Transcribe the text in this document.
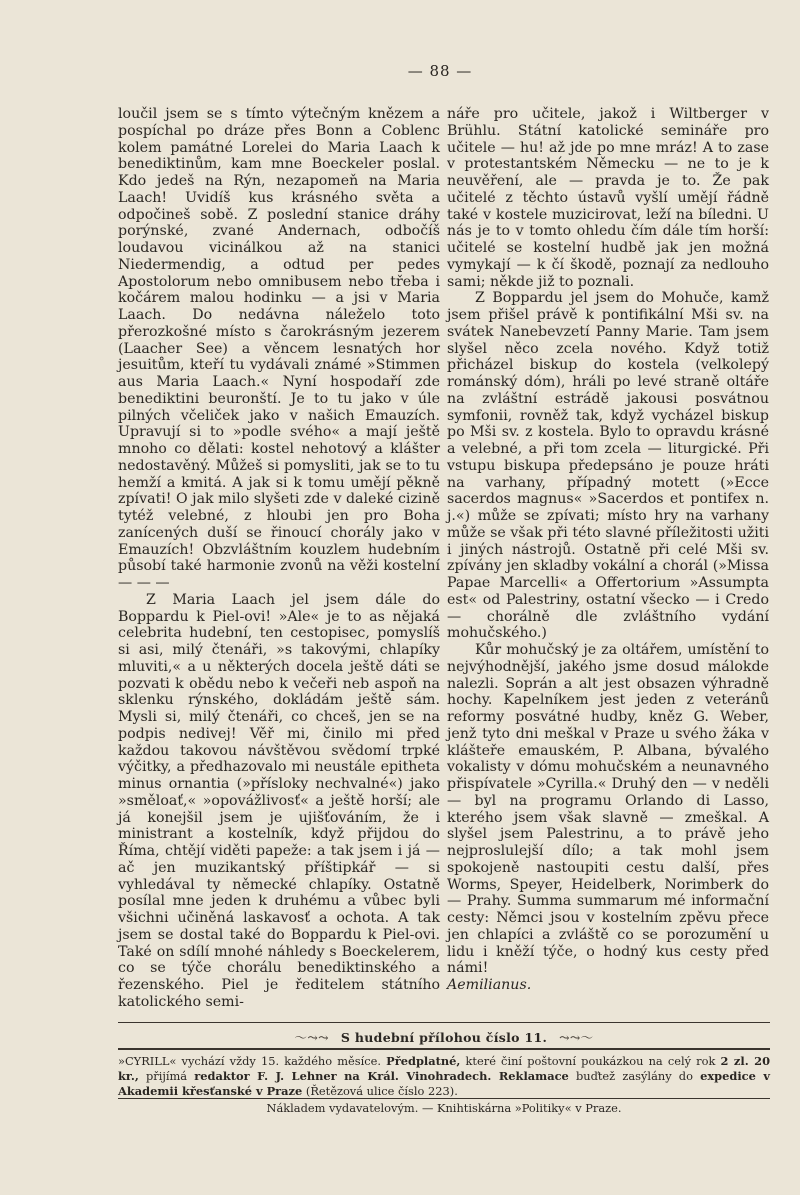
— 88 —

loučil jsem se s tímto výtečným knězem a pospíchal po dráze přes Bonn a Coblenc kolem památné Lorelei do Maria Laach k benediktinům, kam mne Boeckeler poslal. Kdo jedeš na Rýn, nezapomeň na Maria Laach! Uvidíš kus krásného světa a odpočineš sobě. Z poslední stanice dráhy porýnské, zvané Andernach, odbočíš loudavou vicinálkou až na stanici Niedermendig, a odtud per pedes Apostolorum nebo omnibusem nebo třeba i kočárem malou hodinku — a jsi v Maria Laach. Do nedávna náleželo toto přerozkošné místo s čarokrásným jezerem (Laacher See) a věncem lesnatých hor jesuitům, kteří tu vydávali známé »Stimmen aus Maria Laach.« Nyní hospodaří zde benediktini beuronští. Je to tu jako v úle pilných včeliček jako v našich Emauzích. Upravují si to »podle svého« a mají ještě mnoho co dělati: kostel nehotový a klášter nedostavěný. Můžeš si pomysliti, jak se to tu hemží a kmitá. A jak si k tomu umějí pěkně zpívati! O jak milo slyšeti zde v daleké cizině tytéž velebné, z hloubi jen pro Boha zanícených duší se řinoucí chorály jako v Emauzích! Obzvláštním kouzlem hudebním působí také harmonie zvonů na věži kostelní — — —

Z Maria Laach jel jsem dále do Boppardu k Piel-ovi! »Ale« je to as nějaká celebrita hudební, ten cestopisec, pomyslíš si asi, milý čtenáři, »s takovými, chlapíky mluviti,« a u některých docela ještě dáti se pozvati k obědu nebo k večeři neb aspoň na sklenku rýnského, dokládám ještě sám. Mysli si, milý čtenáři, co chceš, jen se na podpis nedivej! Věř mi, činilo mi před každou takovou návštěvou svědomí trpké výčitky, a předhazovalo mi neustále epitheta minus ornantia (»přísloky nechvalné«) jako »směloať,« »opovážlivosť« a ještě horší; ale já konejšil jsem je ujišťováním, že i ministrant a kostelník, když přijdou do Říma, chtějí viděti papeže: a tak jsem i já — ač jen muzikantský příštipkář — si vyhledával ty německé chlapíky. Ostatně posílal mne jeden k druhému a vůbec byli všichni učiněná laskavosť a ochota. A tak jsem se dostal také do Boppardu k Piel-ovi. Také on sdílí mnohé náhledy s Boeckelerem, co se týče chorálu benediktinského a řezenského. Piel je ředitelem státního katolického semi-

náře pro učitele, jakož i Wiltberger v Brühlu. Státní katolické semináře pro učitele — hu! až jde po mne mráz! A to zase v protestantském Německu — ne to je k neuvěření, ale — pravda je to. Že pak učitelé z těchto ústavů vyšlí umějí řádně také v kostele muzicirovat, leží na bíledni. U nás je to v tomto ohledu čím dále tím horší: učitelé se kostelní hudbě jak jen možná vymykají — k čí škodě, poznají za nedlouho sami; někde již to poznali.

Z Boppardu jel jsem do Mohuče, kamž jsem přišel právě k pontifikální Mši sv. na svátek Nanebevzetí Panny Marie. Tam jsem slyšel něco zcela nového. Když totiž přicházel biskup do kostela (velkolepý románský dóm), hráli po levé straně oltáře na zvláštní estrádě jakousi posvátnou symfonii, rovněž tak, když vycházel biskup po Mši sv. z kostela. Bylo to opravdu krásné a velebné, a při tom zcela — liturgické. Při vstupu biskupa předepsáno je pouze hráti na varhany, případný motett (»Ecce sacerdos magnus« »Sacerdos et pontifex n. j.«) může se zpívati; místo hry na varhany může se však při této slavné příležitosti užiti i jiných nástrojů. Ostatně při celé Mši sv. zpívány jen skladby vokální a chorál (»Missa Papae Marcelli« a Offertorium »Assumpta est« od Palestriny, ostatní všecko — i Credo — chorálně dle zvláštního vydání mohučského.)

Kůr mohučský je za oltářem, umístění to nejvýhodnější, jakého jsme dosud málokde nalezli. Soprán a alt jest obsazen výhradně hochy. Kapelníkem jest jeden z veteránů reformy posvátné hudby, kněz G. Weber, jenž tyto dni meškal v Praze u svého žáka v klášteře emauském, P. Albana, bývalého vokalisty v dómu mohučském a neunavného přispívatele »Cyrilla.« Druhý den — v neděli — byl na programu Orlando di Lasso, kterého jsem však slavně — zmeškal. A slyšel jsem Palestrinu, a to právě jeho nejproslulejší dílo; a tak mohl jsem spokojeně nastoupiti cestu další, přes Worms, Speyer, Heidelberk, Norimberk do — Prahy. Summa summarum mé informační cesty: Němci jsou v kostelním zpěvu přece jen chlapíci a zvláště co se porozumění u lidu i kněží týče, o hodný kus cesty před námi!

Aemilianus.

〜⤳⤳ S hudební přílohou číslo 11. ⤳⤳〜
»CYRILL« vychází vždy 15. každého měsíce. Předplatné, které činí poštovní poukázkou na celý rok 2 zl. 20 kr., přijímá redaktor F. J. Lehner na Král. Vinohradech. Reklamace buďtež zasýlány do expedice v Akademii křesťanské v Praze (Řetězová ulice číslo 223).
Nákladem vydavatelovým. — Knihtiskárna »Politiky« v Praze.
